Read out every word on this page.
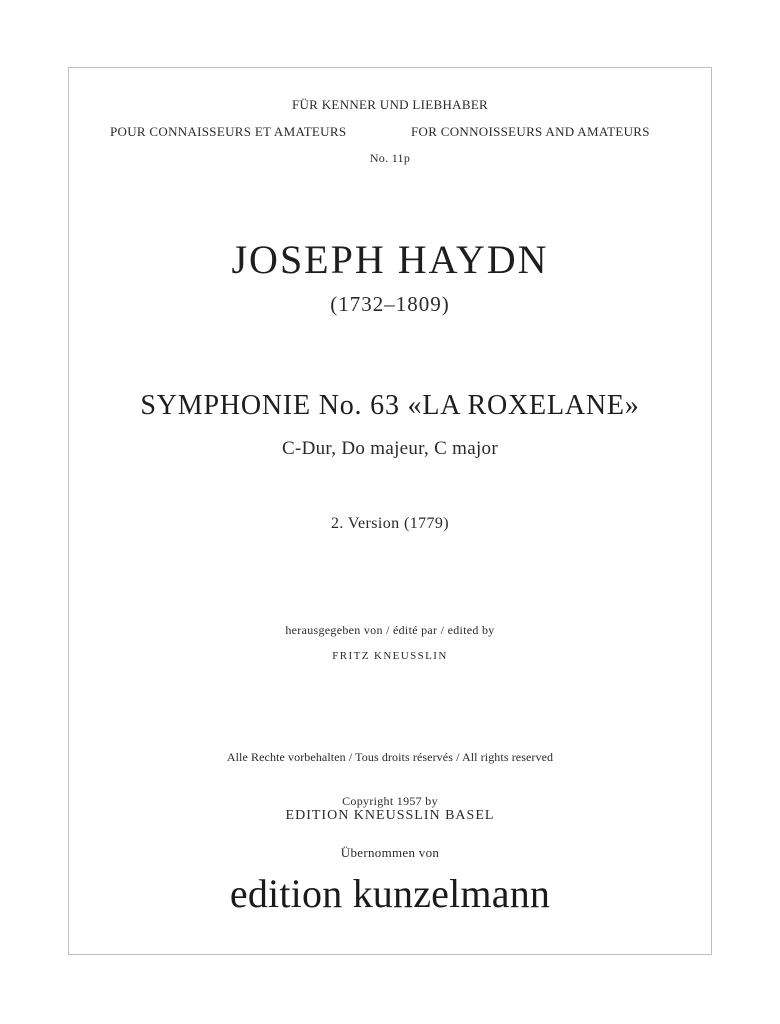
FÜR KENNER UND LIEBHABER
POUR CONNAISSEURS ET AMATEURS	FOR CONNOISSEURS AND AMATEURS
No. 11p
JOSEPH HAYDN
(1732–1809)
SYMPHONIE No. 63 «LA ROXELANE»
C-Dur, Do majeur, C major
2. Version (1779)
herausgegeben von / édité par / edited by
FRITZ KNEUSSLIN
Alle Rechte vorbehalten / Tous droits réservés / All rights reserved
Copyright 1957 by
EDITION KNEUSSLIN BASEL
Übernommen von
edition kunzelmann
